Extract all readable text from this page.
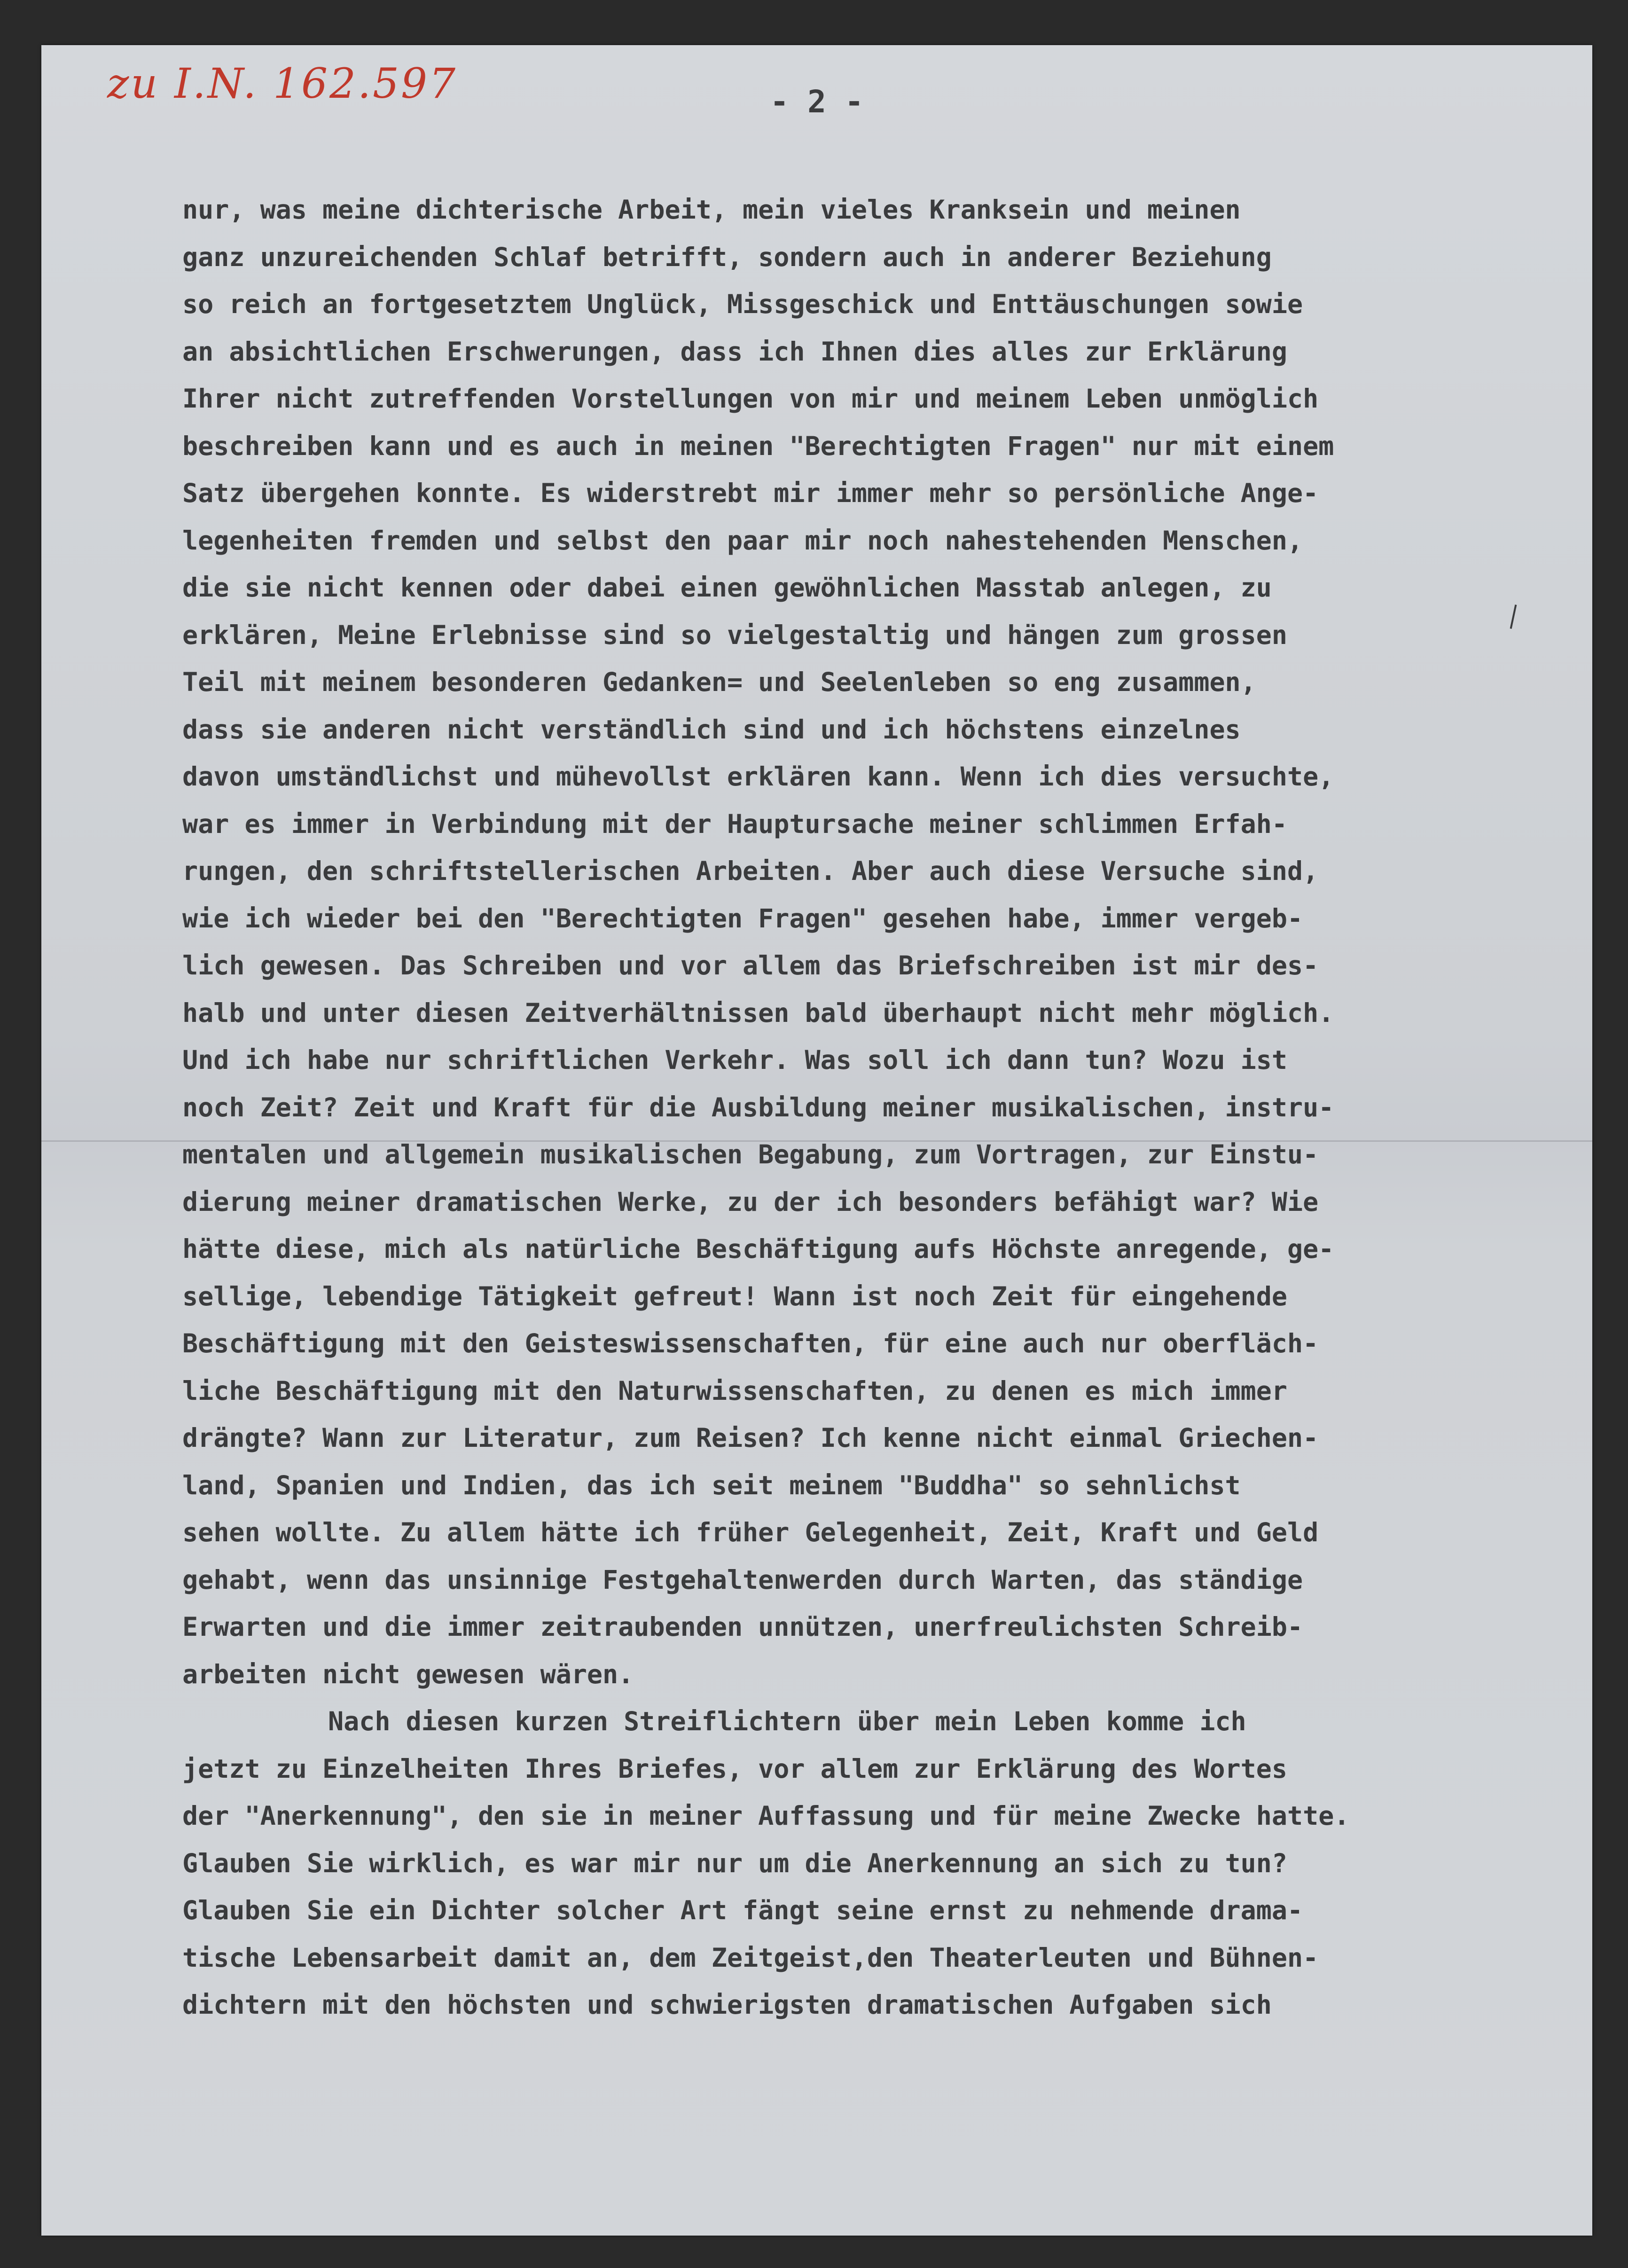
zu I.N. 162.597	- 2 -

nur, was meine dichterische Arbeit, mein vieles Kranksein und meinen
ganz unzureichenden Schlaf betrifft, sondern auch in anderer Beziehung
so reich an fortgesetztem Unglück, Missgeschick und Enttäuschungen sowie
an absichtlichen Erschwerungen, dass ich Ihnen dies alles zur Erklärung
Ihrer nicht zutreffenden Vorstellungen von mir und meinem Leben unmöglich
beschreiben kann und es auch in meinen "Berechtigten Fragen" nur mit einem
Satz übergehen konnte. Es widerstrebt mir immer mehr so persönliche Ange-
legenheiten fremden und selbst den paar mir noch nahestehenden Menschen,
die sie nicht kennen oder dabei einen gewöhnlichen Masstab anlegen, zu
erklären, Meine Erlebnisse sind so vielgestaltig und hängen zum grossen
Teil mit meinem besonderen Gedanken= und Seelenleben so eng zusammen,
dass sie anderen nicht verständlich sind und ich höchstens einzelnes
davon umständlichst und mühevollst erklären kann. Wenn ich dies versuchte,
war es immer in Verbindung mit der Hauptursache meiner schlimmen Erfah-
rungen, den schriftstellerischen Arbeiten. Aber auch diese Versuche sind,
wie ich wieder bei den "Berechtigten Fragen" gesehen habe, immer vergeb-
lich gewesen. Das Schreiben und vor allem das Briefschreiben ist mir des-
halb und unter diesen Zeitverhältnissen bald überhaupt nicht mehr möglich.
Und ich habe nur schriftlichen Verkehr. Was soll ich dann tun? Wozu ist
noch Zeit? Zeit und Kraft für die Ausbildung meiner musikalischen, instru-
mentalen und allgemein musikalischen Begabung, zum Vortragen, zur Einstu-
dierung meiner dramatischen Werke, zu der ich besonders befähigt war? Wie
hätte diese, mich als natürliche Beschäftigung aufs Höchste anregende, ge-
sellige, lebendige Tätigkeit gefreut! Wann ist noch Zeit für eingehende
Beschäftigung mit den Geisteswissenschaften, für eine auch nur oberfläch-
liche Beschäftigung mit den Naturwissenschaften, zu denen es mich immer
drängte? Wann zur Literatur, zum Reisen? Ich kenne nicht einmal Griechen-
land, Spanien und Indien, das ich seit meinem "Buddha" so sehnlichst
sehen wollte. Zu allem hätte ich früher Gelegenheit, Zeit, Kraft und Geld
gehabt, wenn das unsinnige Festgehaltenwerden durch Warten, das ständige
Erwarten und die immer zeitraubenden unnützen, unerfreulichsten Schreib-
arbeiten nicht gewesen wären.
Nach diesen kurzen Streiflichtern über mein Leben komme ich
jetzt zu Einzelheiten Ihres Briefes, vor allem zur Erklärung des Wortes
der "Anerkennung", den sie in meiner Auffassung und für meine Zwecke hatte.
Glauben Sie wirklich, es war mir nur um die Anerkennung an sich zu tun?
Glauben Sie ein Dichter solcher Art fängt seine ernst zu nehmende drama-
tische Lebensarbeit damit an, dem Zeitgeist,den Theaterleuten und Bühnen-
dichtern mit den höchsten und schwierigsten dramatischen Aufgaben sich
